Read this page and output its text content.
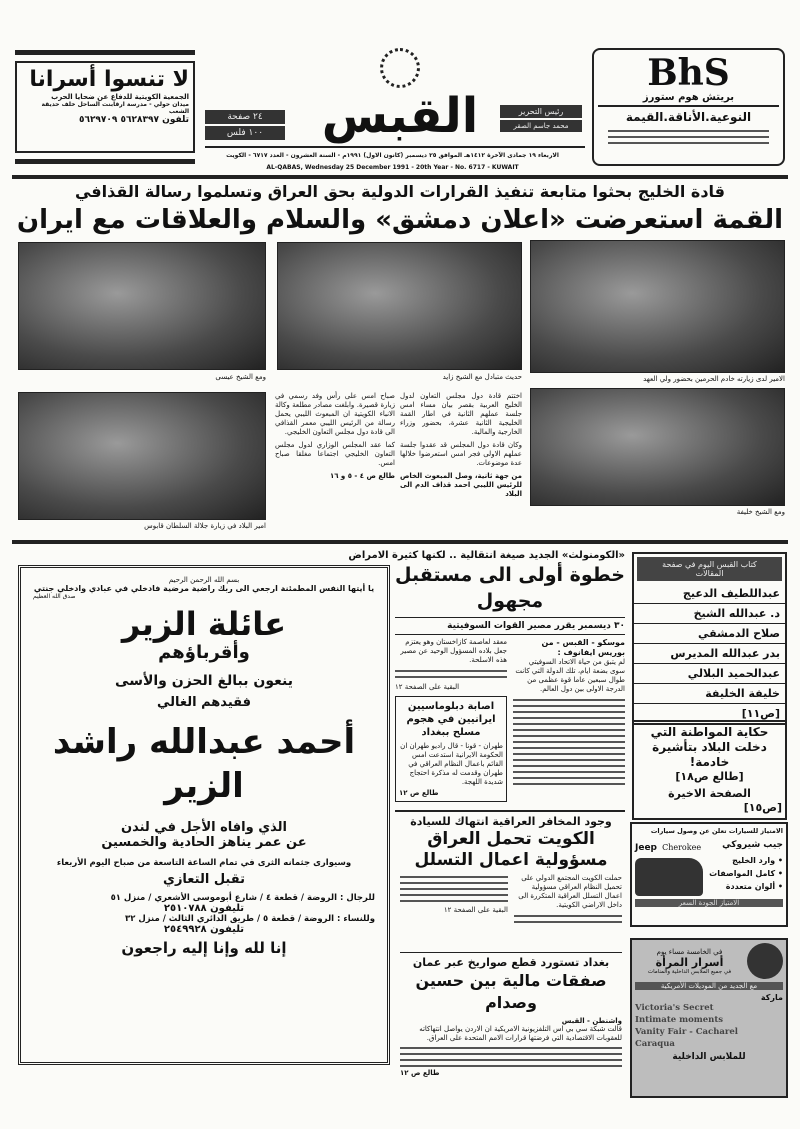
لا تنسوا أسرانا
الجمعية الكويتية للدفاع عن ضحايا الحرب
ميدان حولي - مدرسة ارقابنت الساحل خلف حديقة الشعب
تلفون ٥٦٢٨٣٩٧ ٥٦٢٩٧٠٩	٢٤ صفحة
١٠٠ فلس	القبس	رئيس التحرير
محمد جاسم الصقر
الاربعاء ١٩ جمادى الآخرة ١٤١٢هـ الموافق ٢٥ ديسمبر (كانون الاول) ١٩٩١م - السنة العشرون - العدد ٦٧١٧ - الكويت
AL-QABAS, Wednesday 25 December 1991 - 20th Year - No. 6717 - KUWAIT
BhS
بريتش هوم ستورز
النوعية.الأناقة.القيمة
قادة الخليج بحثوا متابعة تنفيذ القرارات الدولية بحق العراق وتسلموا رسالة القذافي
القمة استعرضت «اعلان دمشق» والسلام والعلاقات مع ايران
الامير لدى زيارته خادم الحرمين بحضور ولي العهد
حديث متبادل مع الشيخ زايد
ومع الشيخ عيسى
ومع الشيخ خليفة
امير البلاد في زيارة جلالة السلطان قابوس

اختتم قادة دول مجلس التعاون لدول الخليج العربية بقصر بيان مساء امس جلسة عملهم الثانية في اطار القمة الخليجية الثانية عشرة، بحضور وزراء الخارجية والمالية.

وكان قادة دول المجلس قد عقدوا جلسة عملهم الاولى فجر امس استعرضوا خلالها عدة موضوعات.

من جهة ثانية، وصل المبعوث الخاص للرئيس الليبي احمد قذاف الدم الى البلاد

صباح امس على رأس وفد رسمي في زيارة قصيرة. وابلغت مصادر مطلعة وكالة الانباء الكويتية ان المبعوث الليبي يحمل رسالة من الرئيس الليبي معمر القذافي الى قادة دول مجلس التعاون الخليجي.

كما عقد المجلس الوزاري لدول مجلس التعاون الخليجي اجتماعا مغلقا صباح امس.

طالع ص ٤ - ٥ و ١٦

بسم الله الرحمن الرحيم
يا أيتها النفس المطمئنة ارجعي الى ربك راضية مرضية فادخلي في عبادي وادخلي جنتي
صدق الله العظيم
عائلة الزير
وأقرباؤهم
ينعون ببالغ الحزن والأسى
فقيدهم الغالي
أحمد عبدالله راشد الزير
الذي وافاه الأجل في لندن
عن عمر يناهز الحادية والخمسين
وسيوارى جثمانه الثرى في تمام الساعة التاسعة من صباح اليوم الأربعاء
تقبل التعازي
للرجال : الروضة / قطعة ٤ / شارع أبوموسى الأشعري / منزل ٥١
تليفون ٢٥١٠٧٨٨
وللنساء : الروضة / قطعة ٥ / طريق الدائري الثالث / منزل ٣٢
تليفون ٢٥٤٩٩٢٨
إنا لله وإنا إليه راجعون
«الكومنولث» الجديد صيغة انتقالية .. لكنها كثيرة الامراض
خطوة أولى الى مستقبل مجهول
٣٠ ديسمبر يقرر مصير القوات السوفيتية
موسكو - القبس - من بوريس ايفانوف :

لم يتبق من حياة الاتحاد السوفيتي سوى بضعة ايام، تلك الدولة التي كانت طوال سبعين عاما قوة عظمى من الدرجة الاولى بين دول العالم.

معقد لعاصمة كازاخستان وهو يعتزم جعل بلاده المسؤول الوحيد عن مصير هذه الاسلحة.

البقية على الصفحة ١٢

اصابة دبلوماسيين ايرانيين في هجوم مسلح ببغداد

طهران - قونا - قال راديو طهران ان الحكومة الايرانية استدعت امس القائم باعمال النظام العراقي في طهران وقدمت له مذكرة احتجاج شديدة اللهجة.

طالع ص ١٢

كتاب القبس اليوم في صفحة المقالات
عبداللطيف الدعيج
د. عبدالله الشيخ
صلاح الدمشقي
بدر عبدالله المديرس
عبدالحميد البلالي
خليفة الخليفة
[ص١١]
حكاية المواطنة التي دخلت البلاد بتأشيرة خادمة!
[طالع ص١٨]
الصفحة الاخيرة
[ص١٥]
وجود المخافر العراقية انتهاك للسيادة
الكويت تحمل العراق مسؤولية اعمال التسلل

حملت الكويت المجتمع الدولي على تحميل النظام العراقي مسؤولية اعمال التسلل العراقية المتكررة الى داخل الاراضي الكويتية.

البقية على الصفحة ١٢

بغداد تستورد قطع صواريخ عبر عمان
صفقات مالية بين حسين وصدام
واشنطن - القبس

قالت شبكة سي بي اس التلفزيونية الامريكية ان الاردن يواصل انتهاكاته للعقوبات الاقتصادية التي فرضتها قرارات الامم المتحدة على العراق.

طالع ص ١٢

الامتياز للسيارات تعلن عن وصول سيارات
جيب شيروكي
Jeep Cherokee
• وارد الخليج
• كامل المواصفات
• ألوان متعددة
الامتياز الجودة السعر
في الخامسة مساء يوم
أسرار المرأة
في جميع الملابس الداخلية والمنامات
مع الجديد من الموديلات الأمريكية
ماركة
Victoria's Secret
Intimate moments
Vanity Fair - Cacharel
Caraqua
للملابس الداخلية
